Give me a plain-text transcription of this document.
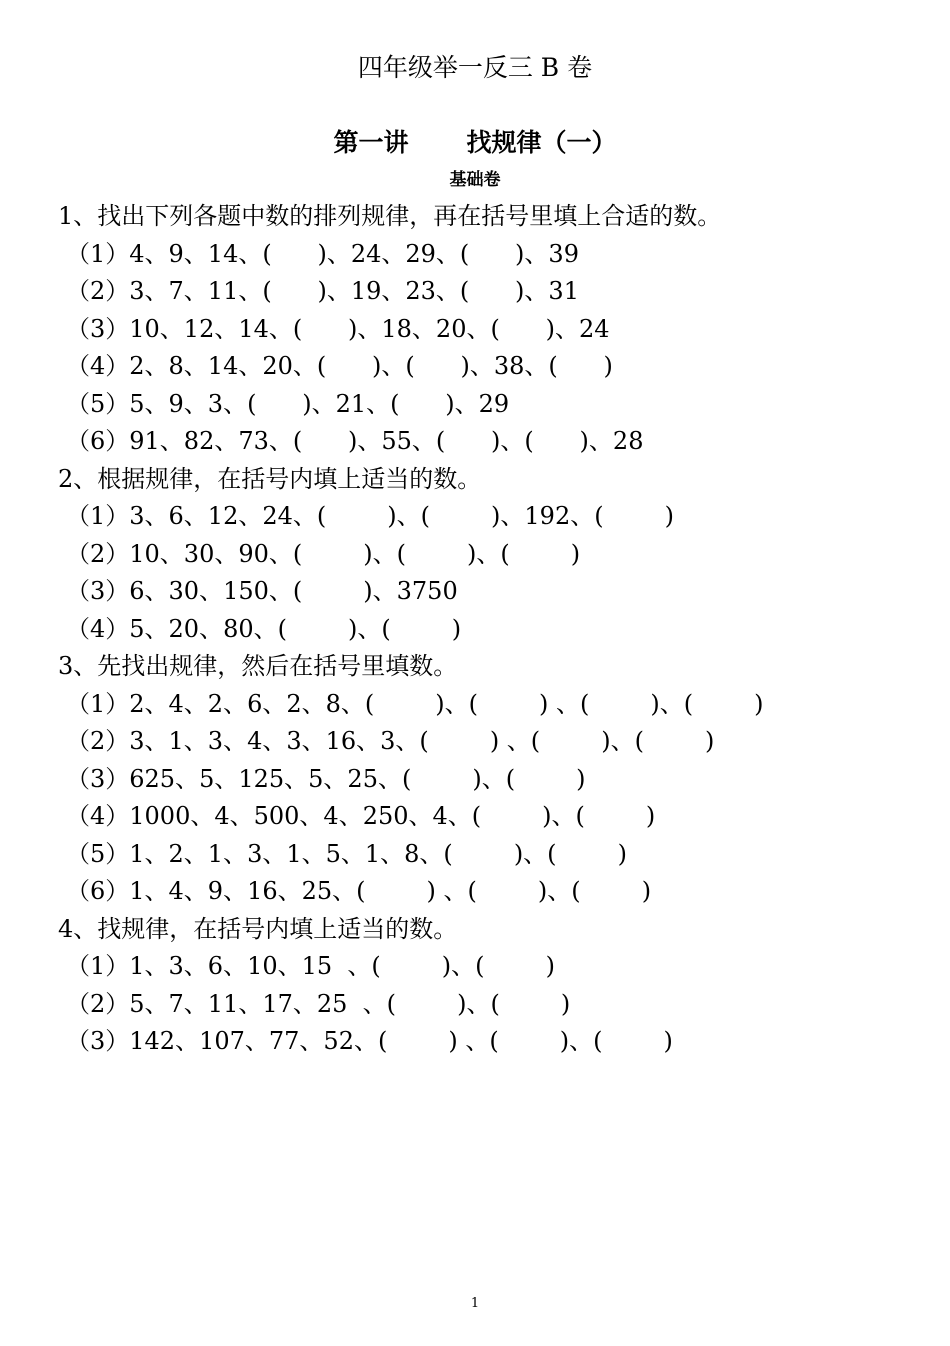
四年级举一反三 B 卷
第一讲 找规律（一）
基础卷
1、找出下列各题中数的排列规律，再在括号里填上合适的数。
（1）4、9、14、(      )、24、29、(      )、39
（2）3、7、11、(      )、19、23、(      )、31
（3）10、12、14、(      )、18、20、(      )、24
（4）2、8、14、20、(      )、(      )、38、(      )
（5）5、9、3、(      )、21、(      )、29
（6）91、82、73、(      )、55、(      )、(      )、28
2、根据规律，在括号内填上适当的数。
（1）3、6、12、24、(        )、(        )、192、(        )
（2）10、30、90、(        )、(        )、(        )
（3）6、30、150、(        )、3750
（4）5、20、80、(        )、(        )
3、先找出规律，然后在括号里填数。
（1）2、4、2、6、2、8、(        )、(        ) 、(        )、(        )
（2）3、1、3、4、3、16、3、(        ) 、(        )、(        )
（3）625、5、125、5、25、(        )、(        )
（4）1000、4、500、4、250、4、(        )、(        )
（5）1、2、1、3、1、5、1、8、(        )、(        )
（6）1、4、9、16、25、(        ) 、(        )、(        )
4、找规律，在括号内填上适当的数。
（1）1、3、6、10、15  、(        )、(        )
（2）5、7、11、17、25  、(        )、(        )
（3）142、107、77、52、(        ) 、(        )、(        )
1
